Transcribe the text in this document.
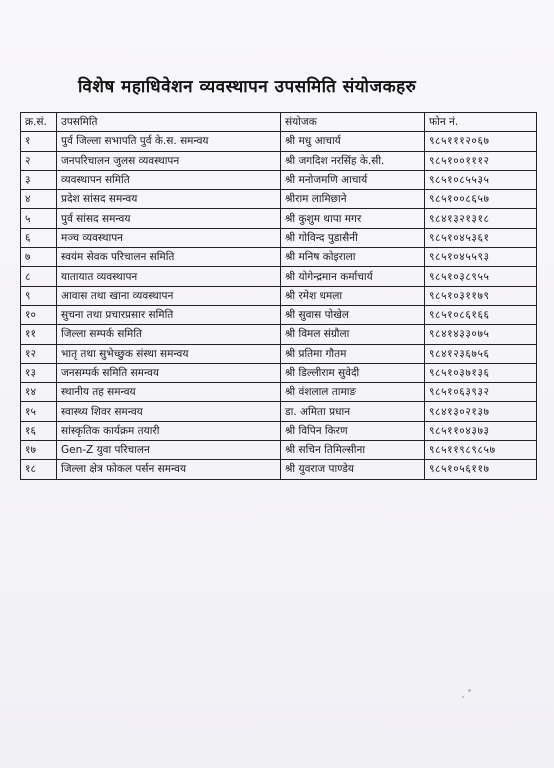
विशेष महाधिवेशन व्यवस्थापन उपसमिति संयोजकहरु
क्र.सं.	उपसमिति	संयोजक	फोन नं.
१	पुर्व जिल्ला सभापति पुर्व के.स. समन्वय	श्री मधु आचार्य	९८५१११२०६७
२	जनपरिचालन जुलस व्यवस्थापन	श्री जगदिश नरसिंह के.सी.	९८५१००१११२
३	व्यवस्थापन समिति	श्री मनोजमणि आचार्य	९८५१०८५५३५
४	प्रदेश सांसद समन्वय	श्रीराम लामिछाने	९८५१००८६५७
५	पुर्व सांसद समन्वय	श्री कुशुम थापा मगर	९८४१३२१३१८
६	मञ्च व्यवस्थापन	श्री गोविन्द पुडासैनी	९८५१०४५३६१
७	स्वयंम सेवक परिचालन समिति	श्री मनिष कोइराला	९८५१०४५५९३
८	यातायात व्यवस्थापन	श्री योगेन्द्रमान कर्माचार्य	९८५१०३८९५५
९	आवास तथा खाना व्यवस्थापन	श्री रमेश धमला	९८५१०३११७९
१०	सुचना तथा प्रचारप्रसार समिति	श्री सुवास पोखेल	९८५१०८६१६६
११	जिल्ला सम्पर्क समिति	श्री विमल संग्रौला	९८४१४३३०७५
१२	भातृ तथा सुभेच्छुक संस्था समन्वय	श्री प्रतिमा गौतम	९८४१२३६७५६
१३	जनसम्पर्क समिति समन्वय	श्री डिल्लीराम सुवेदी	९८५१०३७१३६
१४	स्थानीय तह समन्वय	श्री वंशलाल तामाङ	९८५१०६३९३२
१५	स्वास्थ्य शिवर समन्वय	डा. अमिता प्रधान	९८४१३०२१३७
१६	सांस्कृतिक कार्यक्रम तयारी	श्री विपिन किरण	९८५११०४३७३
१७	Gen-Z युवा परिचालन	श्री सचिन तिमिल्सीना	९८५११९८९८५७
१८	जिल्ला क्षेत्र फोकल पर्सन समन्वय	श्री युवराज पाण्डेय	९८५१०५६११७
